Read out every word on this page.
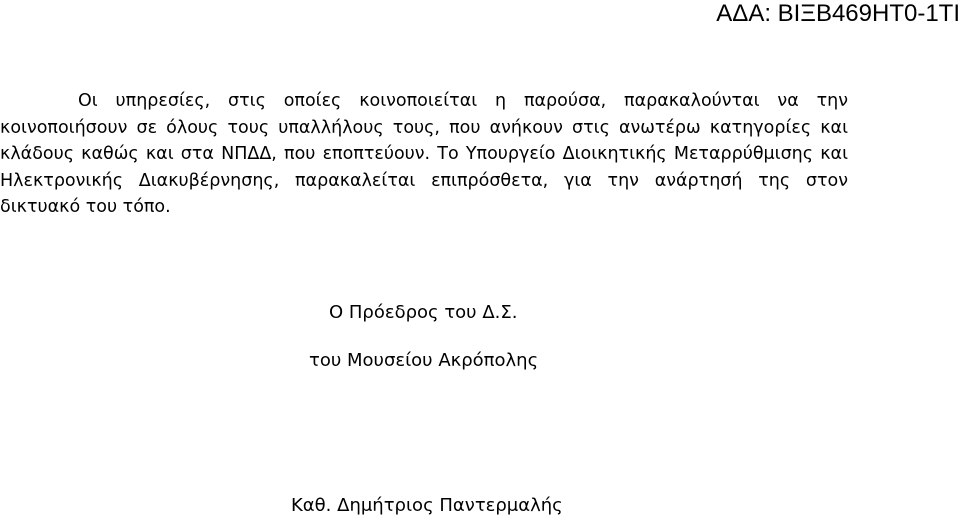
ΑΔΑ: ΒΙΞΒ469ΗΤ0-1ΤΙ

Οι υπηρεσίες, στις οποίες κοινοποιείται η παρούσα, παρακαλούνται να την κοινοποιήσουν σε όλους τους υπαλλήλους τους, που ανήκουν στις ανωτέρω κατηγορίες και κλάδους καθώς και στα ΝΠΔΔ, που εποπτεύουν. Το Υπουργείο Διοικητικής Μεταρρύθμισης και Ηλεκτρονικής Διακυβέρνησης, παρακαλείται επιπρόσθετα, για την ανάρτησή της στον δικτυακό του τόπο.

Ο Πρόεδρος του Δ.Σ.
του Μουσείου Ακρόπολης
Καθ. Δημήτριος Παντερμαλής
